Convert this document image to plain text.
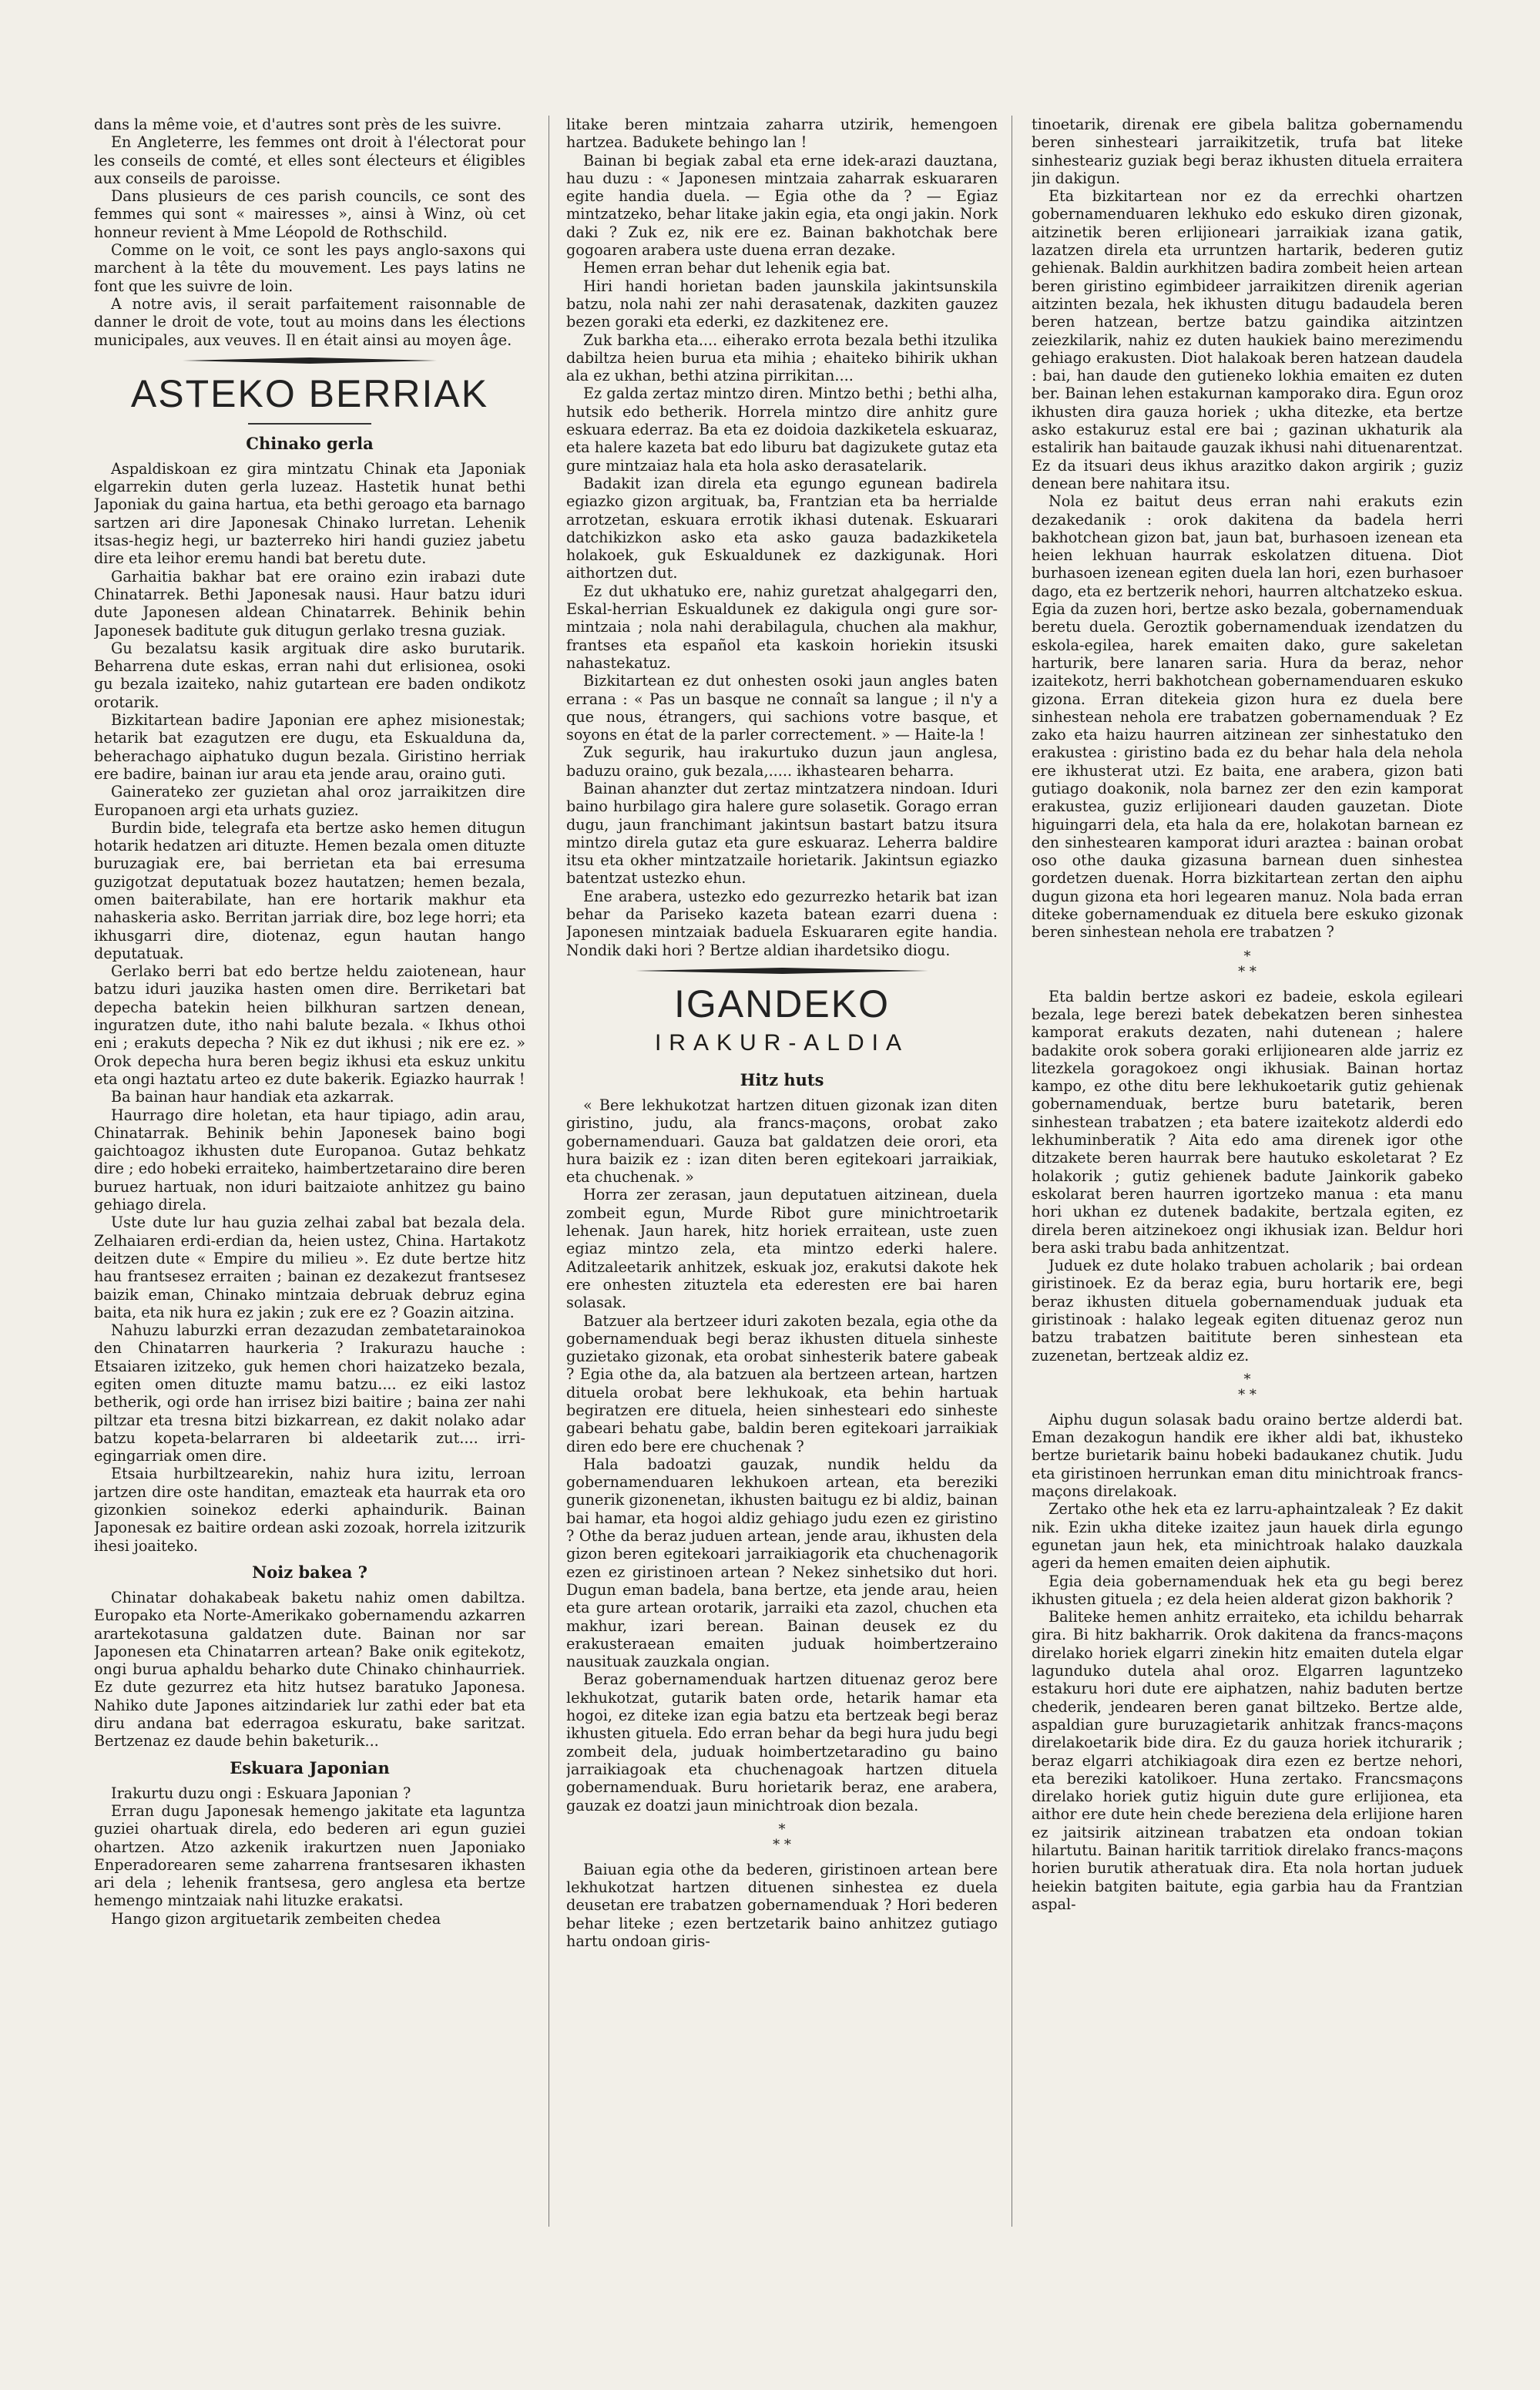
dans la même voie, et d'autres sont près de les suivre.

En Angleterre, les femmes ont droit à l'électorat pour les conseils de comté, et elles sont électeurs et éligibles aux conseils de paroisse.

Dans plusieurs de ces parish councils, ce sont des femmes qui sont « mairesses », ainsi à Winz, où cet honneur revient à Mme Léopold de Rothschild.

Comme on le voit, ce sont les pays anglo-saxons qui marchent à la tête du mouvement. Les pays latins ne font que les suivre de loin.

A notre avis, il serait parfaitement raisonnable de danner le droit de vote, tout au moins dans les élections municipales, aux veuves. Il en était ainsi au moyen âge.

ASTEKO BERRIAK
Chinako gerla

Aspaldiskoan ez gira mintzatu Chinak eta Japoniak elgarrekin duten gerla luzeaz. Hastetik hunat bethi Japoniak du gaina hartua, eta bethi geroago eta barnago sartzen ari dire Japonesak Chinako lurretan. Lehenik itsas-hegiz hegi, ur bazterreko hiri handi guziez jabetu dire eta leihor eremu handi bat beretu dute.

Garhaitia bakhar bat ere oraino ezin irabazi dute Chinatarrek. Bethi Japonesak nausi. Haur batzu iduri dute Japonesen aldean Chinatarrek. Behinik behin Japonesek baditute guk ditugun gerlako tresna guziak.

Gu bezalatsu kasik argituak dire asko burutarik. Beharrena dute eskas, erran nahi dut erlisionea, osoki gu bezala izaiteko, nahiz gutartean ere baden ondikotz orotarik.

Bizkitartean badire Japonian ere aphez misionestak; hetarik bat ezagutzen ere dugu, eta Eskualduna da, beherachago aiphatuko dugun bezala. Giristino herriak ere badire, bainan iur arau eta jende arau, oraino guti.

Gainerateko zer guzietan ahal oroz jarraikitzen dire Europanoen argi eta urhats guziez.

Burdin bide, telegrafa eta bertze asko hemen ditugun hotarik hedatzen ari dituzte. Hemen bezala omen dituzte buruzagiak ere, bai berrietan eta bai erresuma guzigotzat deputatuak bozez hautatzen; hemen bezala, omen baiterabilate, han ere hortarik makhur eta nahaskeria asko. Berritan jarriak dire, boz lege horri; eta ikhusgarri dire, diotenaz, egun hautan hango deputatuak.

Gerlako berri bat edo bertze heldu zaiotenean, haur batzu iduri jauzika hasten omen dire. Berriketari bat depecha batekin heien bilkhuran sartzen denean, inguratzen dute, itho nahi balute bezala. « Ikhus othoi eni ; erakuts depecha ? Nik ez dut ikhusi ; nik ere ez. » Orok depecha hura beren begiz ikhusi eta eskuz unkitu eta ongi haztatu arteo ez dute bakerik. Egiazko haurrak !

Ba bainan haur handiak eta azkarrak.

Haurrago dire holetan, eta haur tipiago, adin arau, Chinatarrak. Behinik behin Japonesek baino bogi gaichtoagoz ikhusten dute Europanoa. Gutaz behkatz dire ; edo hobeki erraiteko, haimbertzetaraino dire beren buruez hartuak, non iduri baitzaiote anhitzez gu baino gehiago direla.

Uste dute lur hau guzia zelhai zabal bat bezala dela. Zelhaiaren erdi-erdian da, heien ustez, China. Hartakotz deitzen dute « Empire du milieu ». Ez dute bertze hitz hau frantsesez erraiten ; bainan ez dezakezut frantsesez baizik eman, Chinako mintzaia debruak debruz egina baita, eta nik hura ez jakin ; zuk ere ez ? Goazin aitzina.

Nahuzu laburzki erran dezazudan zembatetarainokoa den Chinatarren haurkeria ? Irakurazu hauche : Etsaiaren izitzeko, guk hemen chori haizatzeko bezala, egiten omen dituzte mamu batzu.... ez eiki lastoz betherik, ogi orde han irrisez bizi baitire ; baina zer nahi piltzar eta tresna bitzi bizkarrean, ez dakit nolako adar batzu kopeta-belarraren bi aldeetarik zut.... irri-egingarriak omen dire.

Etsaia hurbiltzearekin, nahiz hura izitu, lerroan jartzen dire oste handitan, emazteak eta haurrak eta oro gizonkien soinekoz ederki aphaindurik. Bainan Japonesak ez baitire ordean aski zozoak, horrela izitzurik ihesi joaiteko.

Noiz bakea ?

Chinatar dohakabeak baketu nahiz omen dabiltza. Europako eta Norte-Amerikako gobernamendu azkarren arartekotasuna galdatzen dute. Bainan nor sar Japonesen eta Chinatarren artean? Bake onik egitekotz, ongi burua aphaldu beharko dute Chinako chinhaurriek. Ez dute gezurrez eta hitz hutsez baratuko Japonesa. Nahiko dute Japones aitzindariek lur zathi eder bat eta diru andana bat ederragoa eskuratu, bake saritzat. Bertzenaz ez daude behin baketurik...

Eskuara Japonian

Irakurtu duzu ongi : Eskuara Japonian ?

Erran dugu Japonesak hemengo jakitate eta laguntza guziei ohartuak direla, edo bederen ari egun guziei ohartzen. Atzo azkenik irakurtzen nuen Japoniako Enperadorearen seme zaharrena frantsesaren ikhasten ari dela ; lehenik frantsesa, gero anglesa eta bertze hemengo mintzaiak nahi lituzke erakatsi.

Hango gizon argituetarik zembeiten chedea

litake beren mintzaia zaharra utzirik, hemengoen hartzea. Badukete behingo lan !

Bainan bi begiak zabal eta erne idek-arazi dauztana, hau duzu : « Japonesen mintzaia zaharrak eskuararen egite handia duela. — Egia othe da ? — Egiaz mintzatzeko, behar litake jakin egia, eta ongi jakin. Nork daki ? Zuk ez, nik ere ez. Bainan bakhotchak bere gogoaren arabera uste duena erran dezake.

Hemen erran behar dut lehenik egia bat.

Hiri handi horietan baden jaunskila jakintsunskila batzu, nola nahi zer nahi derasatenak, dazkiten gauzez bezen goraki eta ederki, ez dazkitenez ere.

Zuk barkha eta.... eiherako errota bezala bethi itzulika dabiltza heien burua eta mihia ; ehaiteko bihirik ukhan ala ez ukhan, bethi atzina pirrikitan....

Ez galda zertaz mintzo diren. Mintzo bethi ; bethi alha, hutsik edo betherik. Horrela mintzo dire anhitz gure eskuara ederraz. Ba eta ez doidoia dazkiketela eskuaraz, eta halere kazeta bat edo liburu bat dagizukete gutaz eta gure mintzaiaz hala eta hola asko derasatelarik.

Badakit izan direla eta egungo egunean badirela egiazko gizon argituak, ba, Frantzian eta ba herrialde arrotzetan, eskuara errotik ikhasi dutenak. Eskuarari datchikizkon asko eta asko gauza badazkiketela holakoek, guk Eskualdunek ez dazkigunak. Hori aithortzen dut.

Ez dut ukhatuko ere, nahiz guretzat ahalgegarri den, Eskal-herrian Eskualdunek ez dakigula ongi gure sor-mintzaia ; nola nahi derabilagula, chuchen ala makhur, frantses eta español eta kaskoin horiekin itsuski nahastekatuz.

Bizkitartean ez dut onhesten osoki jaun angles baten errana : « Pas un basque ne connaît sa langue ; il n'y a que nous, étrangers, qui sachions votre basque, et soyons en état de la parler correctement. » — Haite-la !

Zuk segurik, hau irakurtuko duzun jaun anglesa, baduzu oraino, guk bezala,..... ikhastearen beharra.

Bainan ahanzter dut zertaz mintzatzera nindoan. Iduri baino hurbilago gira halere gure solasetik. Gorago erran dugu, jaun franchimant jakintsun bastart batzu itsura mintzo direla gutaz eta gure eskuaraz. Leherra baldire itsu eta okher mintzatzaile horietarik. Jakintsun egiazko batentzat ustezko ehun.

Ene arabera, ustezko edo gezurrezko hetarik bat izan behar da Pariseko kazeta batean ezarri duena : Japonesen mintzaiak baduela Eskuararen egite handia. Nondik daki hori ? Bertze aldian ihardetsiko diogu.

IGANDEKO
IRAKUR-ALDIA
Hitz huts

« Bere lekhukotzat hartzen dituen gizonak izan diten giristino, judu, ala francs-maçons, orobat zako gobernamenduari. Gauza bat galdatzen deie orori, eta hura baizik ez : izan diten beren egitekoari jarraikiak, eta chuchenak. »

Horra zer zerasan, jaun deputatuen aitzinean, duela zombeit egun, Murde Ribot gure minichtroetarik lehenak. Jaun harek, hitz horiek erraitean, uste zuen egiaz mintzo zela, eta mintzo ederki halere. Aditzaleetarik anhitzek, eskuak joz, erakutsi dakote hek ere onhesten zituztela eta ederesten ere bai haren solasak.

Batzuer ala bertzeer iduri zakoten bezala, egia othe da gobernamenduak begi beraz ikhusten dituela sinheste guzietako gizonak, eta orobat sinhesterik batere gabeak ? Egia othe da, ala batzuen ala bertzeen artean, hartzen dituela orobat bere lekhukoak, eta behin hartuak begiratzen ere dituela, heien sinhesteari edo sinheste gabeari behatu gabe, baldin beren egitekoari jarraikiak diren edo bere ere chuchenak ?

Hala badoatzi gauzak, nundik heldu da gobernamenduaren lekhukoen artean, eta bereziki gunerik gizonenetan, ikhusten baitugu ez bi aldiz, bainan bai hamar, eta hogoi aldiz gehiago judu ezen ez giristino ? Othe da beraz juduen artean, jende arau, ikhusten dela gizon beren egitekoari jarraikiagorik eta chuchenagorik ezen ez giristinoen artean ? Nekez sinhetsiko dut hori. Dugun eman badela, bana bertze, eta jende arau, heien eta gure artean orotarik, jarraiki eta zazol, chuchen eta makhur, izari berean. Bainan deusek ez du erakusteraean emaiten juduak hoimbertzeraino nausituak zauzkala ongian.

Beraz gobernamenduak hartzen dituenaz geroz bere lekhukotzat, gutarik baten orde, hetarik hamar eta hogoi, ez diteke izan egia batzu eta bertzeak begi beraz ikhusten gituela. Edo erran behar da begi hura judu begi zombeit dela, juduak hoimbertzetaradino gu baino jarraikiagoak eta chuchenagoak hartzen dituela gobernamenduak. Buru horietarik beraz, ene arabera, gauzak ez doatzi jaun minichtroak dion bezala.

*
* *

Baiuan egia othe da bederen, giristinoen artean bere lekhukotzat hartzen dituenen sinhestea ez duela deusetan ere trabatzen gobernamenduak ? Hori bederen behar liteke ; ezen bertzetarik baino anhitzez gutiago hartu ondoan giris-

tinoetarik, direnak ere gibela balitza gobernamendu beren sinhesteari jarraikitzetik, trufa bat liteke sinhesteariz guziak begi beraz ikhusten dituela erraitera jin dakigun.

Eta bizkitartean nor ez da errechki ohartzen gobernamenduaren lekhuko edo eskuko diren gizonak, aitzinetik beren erlijioneari jarraikiak izana gatik, lazatzen direla eta urruntzen hartarik, bederen gutiz gehienak. Baldin aurkhitzen badira zombeit heien artean beren giristino egimbideer jarraikitzen direnik agerian aitzinten bezala, hek ikhusten ditugu badaudela beren beren hatzean, bertze batzu gaindika aitzintzen zeiezkilarik, nahiz ez duten haukiek baino merezimendu gehiago erakusten. Diot halakoak beren hatzean daudela : bai, han daude den gutieneko lokhia emaiten ez duten ber. Bainan lehen estakurnan kamporako dira. Egun oroz ikhusten dira gauza horiek ; ukha ditezke, eta bertze asko estakuruz estal ere bai ; gazinan ukhaturik ala estalirik han baitaude gauzak ikhusi nahi dituenarentzat. Ez da itsuari deus ikhus arazitko dakon argirik ; guziz denean bere nahitara itsu.

Nola ez baitut deus erran nahi erakuts ezin dezakedanik : orok dakitena da badela herri bakhotchean gizon bat, jaun bat, burhasoen izenean eta heien lekhuan haurrak eskolatzen dituena. Diot burhasoen izenean egiten duela lan hori, ezen burhasoer dago, eta ez bertzerik nehori, haurren altchatzeko eskua. Egia da zuzen hori, bertze asko bezala, gobernamenduak beretu duela. Geroztik gobernamenduak izendatzen du eskola-egilea, harek emaiten dako, gure sakeletan harturik, bere lanaren saria. Hura da beraz, nehor izaitekotz, herri bakhotchean gobernamenduaren eskuko gizona. Erran ditekeia gizon hura ez duela bere sinhestean nehola ere trabatzen gobernamenduak ? Ez zako eta haizu haurren aitzinean zer sinhestatuko den erakustea : giristino bada ez du behar hala dela nehola ere ikhusterat utzi. Ez baita, ene arabera, gizon bati gutiago doakonik, nola barnez zer den ezin kamporat erakustea, guziz erlijioneari dauden gauzetan. Diote higuingarri dela, eta hala da ere, holakotan barnean ez den sinhestearen kamporat iduri araztea : bainan orobat oso othe dauka gizasuna barnean duen sinhestea gordetzen duenak. Horra bizkitartean zertan den aiphu dugun gizona eta hori legearen manuz. Nola bada erran diteke gobernamenduak ez dituela bere eskuko gizonak beren sinhestean nehola ere trabatzen ?

*
* *

Eta baldin bertze askori ez badeie, eskola egileari bezala, lege berezi batek debekatzen beren sinhestea kamporat erakuts dezaten, nahi dutenean ; halere badakite orok sobera goraki erlijionearen alde jarriz ez litezkela goragokoez ongi ikhusiak. Bainan hortaz kampo, ez othe ditu bere lekhukoetarik gutiz gehienak gobernamenduak, bertze buru batetarik, beren sinhestean trabatzen ; eta batere izaitekotz alderdi edo lekhuminberatik ? Aita edo ama direnek igor othe ditzakete beren haurrak bere hautuko eskoletarat ? Ez holakorik ; gutiz gehienek badute Jainkorik gabeko eskolarat beren haurren igortzeko manua : eta manu hori ukhan ez dutenek badakite, bertzala egiten, ez direla beren aitzinekoez ongi ikhusiak izan. Beldur hori bera aski trabu bada anhitzentzat.

Juduek ez dute holako trabuen acholarik ; bai ordean giristinoek. Ez da beraz egia, buru hortarik ere, begi beraz ikhusten dituela gobernamenduak juduak eta giristinoak : halako legeak egiten dituenaz geroz nun batzu trabatzen baititute beren sinhestean eta zuzenetan, bertzeak aldiz ez.

*
* *

Aiphu dugun solasak badu oraino bertze alderdi bat. Eman dezakogun handik ere ikher aldi bat, ikhusteko bertze burietarik bainu hobeki badaukanez chutik. Judu eta giristinoen herrunkan eman ditu minichtroak francs-maçons direlakoak.

Zertako othe hek eta ez larru-aphaintzaleak ? Ez dakit nik. Ezin ukha diteke izaitez jaun hauek dirla egungo egunetan jaun hek, eta minichtroak halako dauzkala ageri da hemen emaiten deien aiphutik.

Egia deia gobernamenduak hek eta gu begi berez ikhusten gituela ; ez dela heien alderat gizon bakhorik ?

Baliteke hemen anhitz erraiteko, eta ichildu beharrak gira. Bi hitz bakharrik. Orok dakitena da francs-maçons direlako horiek elgarri zinekin hitz emaiten dutela elgar lagunduko dutela ahal oroz. Elgarren laguntzeko estakuru hori dute ere aiphatzen, nahiz baduten bertze chederik, jendearen beren ganat biltzeko. Bertze alde, aspaldian gure buruzagietarik anhitzak francs-maçons direlakoetarik bide dira. Ez du gauza horiek itchurarik ; beraz elgarri atchikiagoak dira ezen ez bertze nehori, eta bereziki katolikoer. Huna zertako. Francsmaçons direlako horiek gutiz higuin dute gure erlijionea, eta aithor ere dute hein chede bereziena dela erlijione haren ez jaitsirik aitzinean trabatzen eta ondoan tokian hilartutu. Bainan haritik tarritiok direlako francs-maçons horien burutik atheratuak dira. Eta nola hortan juduek heiekin batgiten baitute, egia garbia hau da Frantzian aspal-
